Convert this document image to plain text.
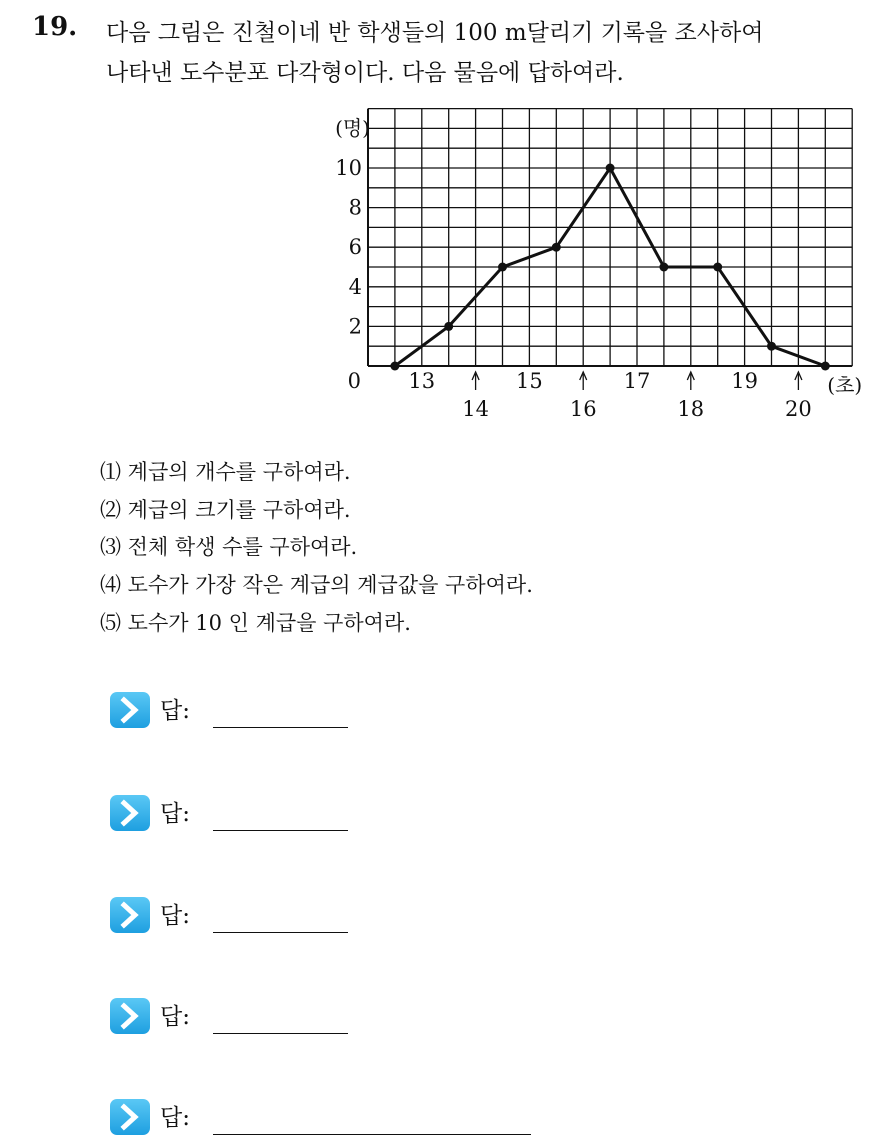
19. 다음 그림은 진철이네 반 학생들의 100 m달리기 기록을 조사하여
나타낸 도수분포 다각형이다. 다음 물음에 답하여라.
2
4
6
8
10
(명)
0 13	15	17	19
14	16	18	20
(초)
⑴ 계급의 개수를 구하여라.
⑵ 계급의 크기를 구하여라.
⑶ 전체 학생 수를 구하여라.
⑷ 도수가 가장 작은 계급의 계급값을 구하여라.
⑸ 도수가 10 인 계급을 구하여라.
답:
답:
답:
답:
답:
